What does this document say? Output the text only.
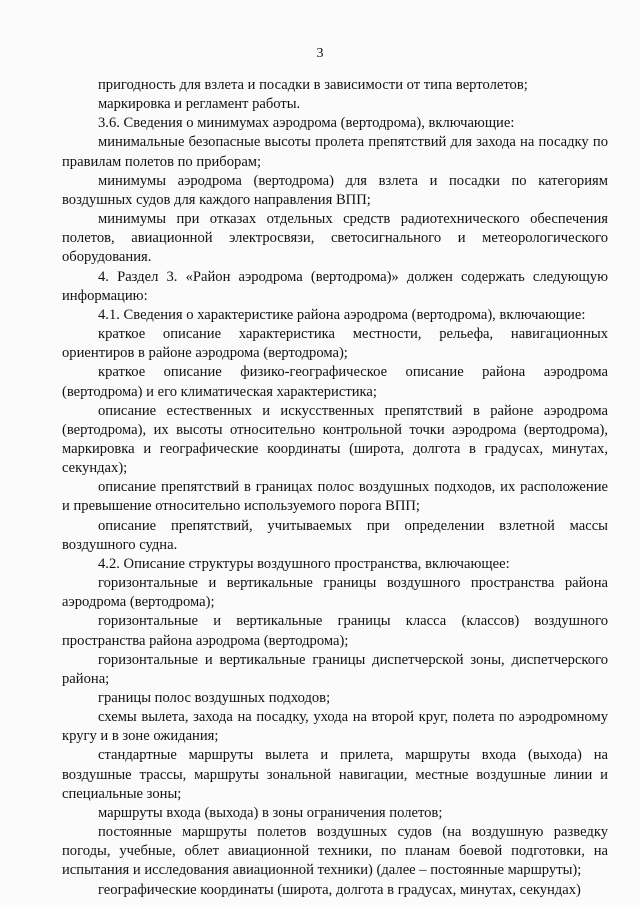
3

пригодность для взлета и посадки в зависимости от типа вертолетов;

маркировка и регламент работы.

3.6. Сведения о минимумах аэродрома (вертодрома), включающие:

минимальные безопасные высоты пролета препятствий для захода на посадку по правилам полетов по приборам;

минимумы аэродрома (вертодрома) для взлета и посадки по категориям воздушных судов для каждого направления ВПП;

минимумы при отказах отдельных средств радиотехнического обеспечения полетов, авиационной электросвязи, светосигнального и метеорологического оборудования.

4. Раздел 3. «Район аэродрома (вертодрома)» должен содержать следующую информацию:

4.1. Сведения о характеристике района аэродрома (вертодрома), включающие:

краткое описание характеристика местности, рельефа, навигационных ориентиров в районе аэродрома (вертодрома);

краткое описание физико-географическое описание района аэродрома (вертодрома) и его климатическая характеристика;

описание естественных и искусственных препятствий в районе аэродрома (вертодрома), их высоты относительно контрольной точки аэродрома (вертодрома), маркировка и географические координаты (широта, долгота в градусах, минутах, секундах);

описание препятствий в границах полос воздушных подходов, их расположение и превышение относительно используемого порога ВПП;

описание препятствий, учитываемых при определении взлетной массы воздушного судна.

4.2. Описание структуры воздушного пространства, включающее:

горизонтальные и вертикальные границы воздушного пространства района аэродрома (вертодрома);

горизонтальные и вертикальные границы класса (классов) воздушного пространства района аэродрома (вертодрома);

горизонтальные и вертикальные границы диспетчерской зоны, диспетчерского района;

границы полос воздушных подходов;

схемы вылета, захода на посадку, ухода на второй круг, полета по аэродромному кругу и в зоне ожидания;

стандартные маршруты вылета и прилета, маршруты входа (выхода) на воздушные трассы, маршруты зональной навигации, местные воздушные линии и специальные зоны;

маршруты входа (выхода) в зоны ограничения полетов;

постоянные маршруты полетов воздушных судов (на воздушную разведку погоды, учебные, облет авиационной техники, по планам боевой подготовки, на испытания и исследования авиационной техники) (далее – постоянные маршруты);

географические координаты (широта, долгота в градусах, минутах, секундах)
